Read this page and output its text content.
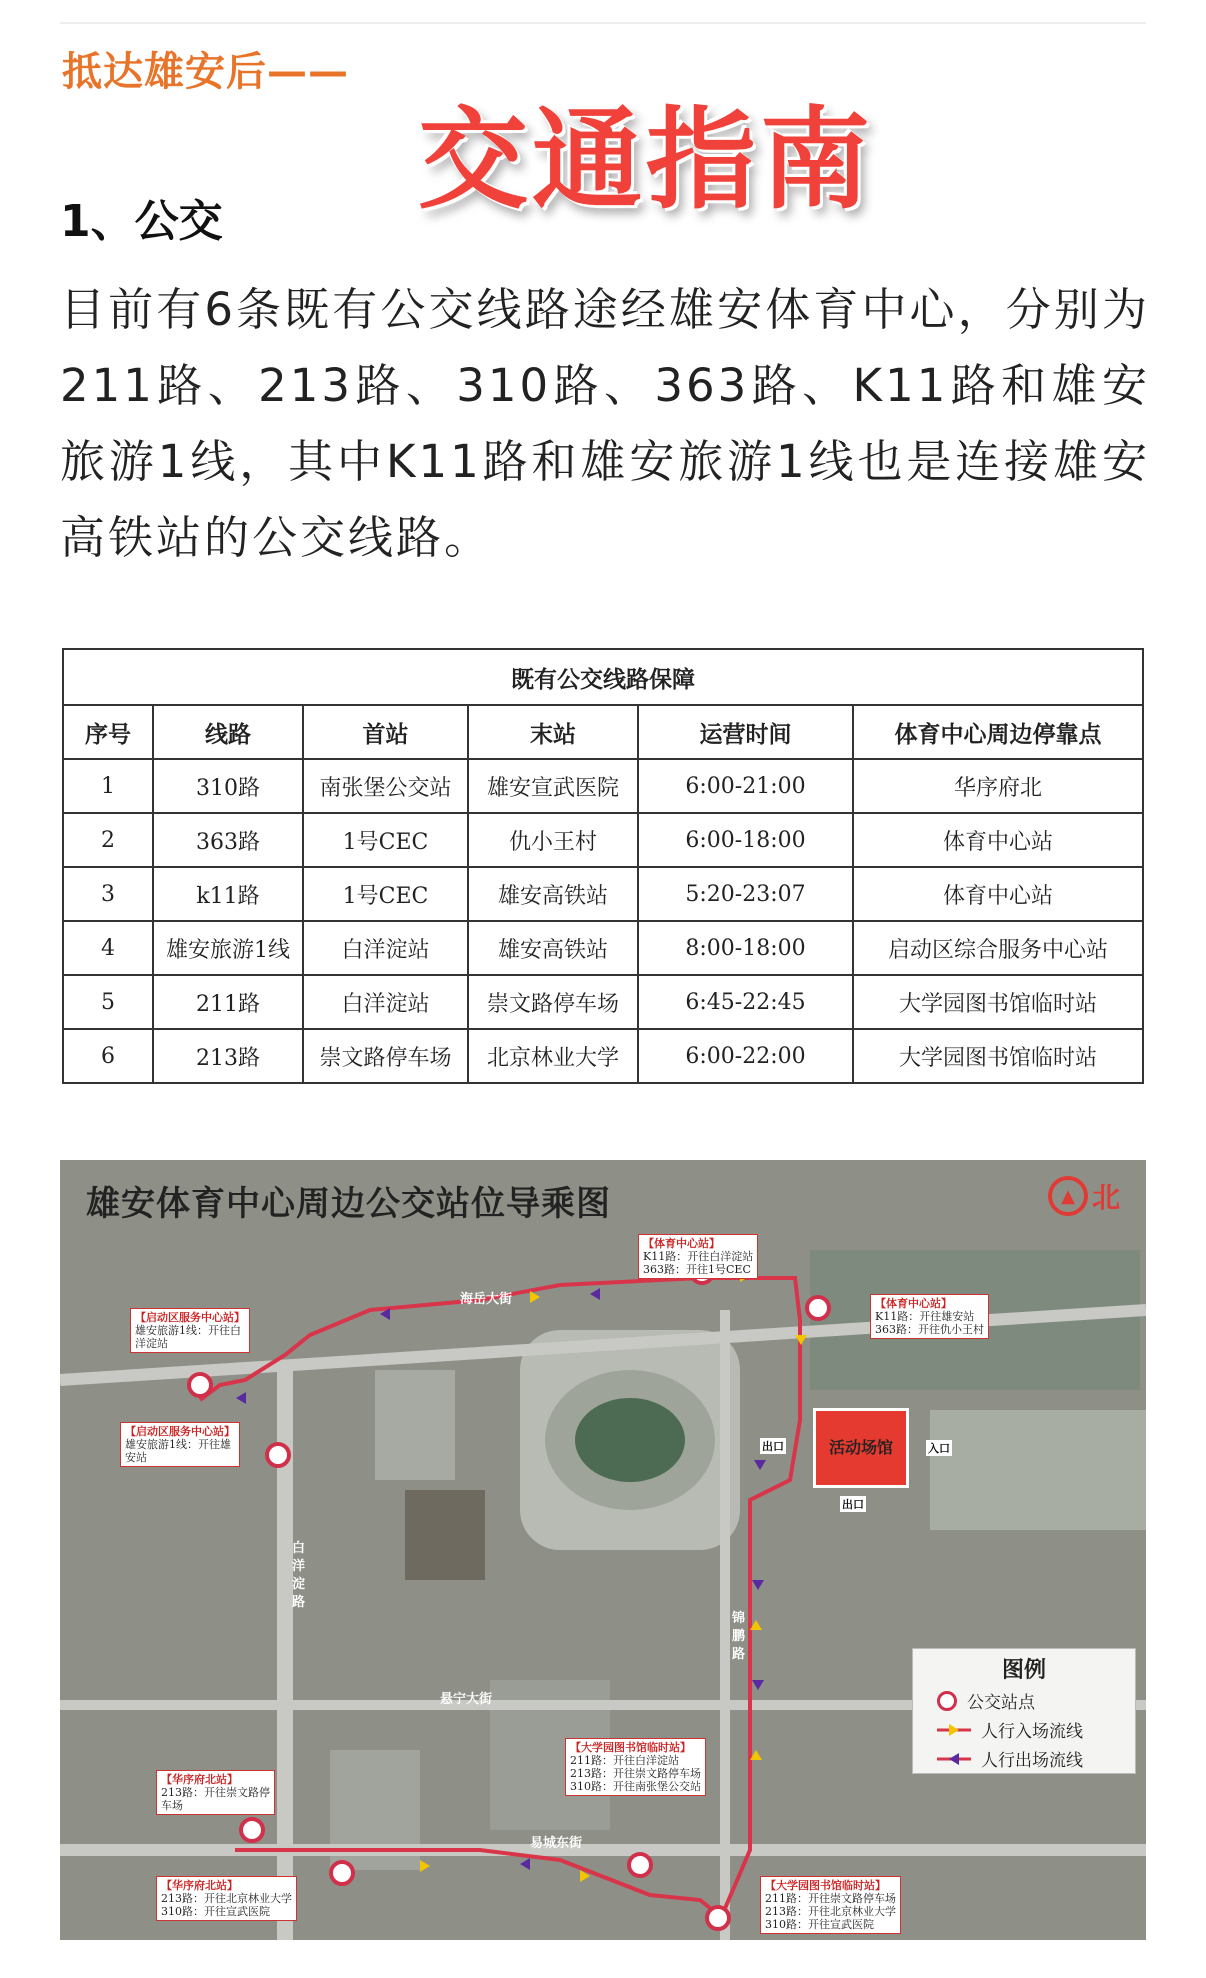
抵达雄安后——
交通指南
1、公交
目前有6条既有公交线路途经雄安体育中心，分别为211路、213路、310路、363路、K11路和雄安旅游1线，其中K11路和雄安旅游1线也是连接雄安高铁站的公交线路。
既有公交线路保障					
序号	线路	首站	末站	运营时间	体育中心周边停靠点
1	310路	南张堡公交站	雄安宣武医院	6:00-21:00	华序府北
2	363路	1号CEC	仇小王村	6:00-18:00	体育中心站
3	k11路	1号CEC	雄安高铁站	5:20-23:07	体育中心站
4	雄安旅游1线	白洋淀站	雄安高铁站	8:00-18:00	启动区综合服务中心站
5	211路	白洋淀站	崇文路停车场	6:45-22:45	大学园图书馆临时站
6	213路	崇文路停车场	北京林业大学	6:00-22:00	大学园图书馆临时站
雄安体育中心周边公交站位导乘图	▲ 北
活动场馆	入口
出口
出口
海岳大街
白洋淀路
锦鹏路
悬宁大街
易城东街
【体育中心站】
K11路：开往白洋淀站
363路：开往1号CEC
【体育中心站】
K11路：开往雄安站
363路：开往仇小王村
【启动区服务中心站】
雄安旅游1线：开往白
洋淀站
【启动区服务中心站】
雄安旅游1线：开往雄
安站
【大学园图书馆临时站】
211路：开往白洋淀站
213路：开往崇文路停车场
310路：开往南张堡公交站
【华序府北站】
213路：开往崇文路停
车场
【华序府北站】
213路：开往北京林业大学
310路：开往宣武医院
【大学园图书馆临时站】
211路：开往崇文路停车场
213路：开往北京林业大学
310路：开往宣武医院
图例
公交站点
人行入场流线
人行出场流线
